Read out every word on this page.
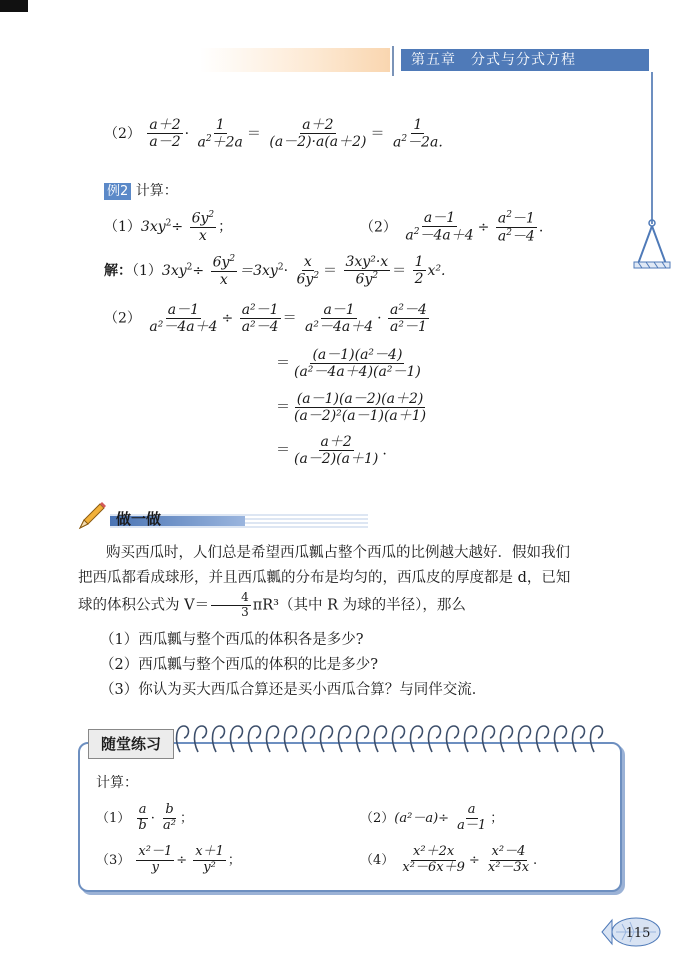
第五章　分式与分式方程
$(2) \frac{a+2}{a-2} \cdot \frac{1}{a^2+2a} = \frac{a+2}{(a-2)\cdot a(a+2)} = \frac{1}{a^2-2a.}$
例2 计算：
$(1)3xy^2\div \frac{6y^2}{x}$ ；	$(2) \frac{a-1}{a^2-4a+4} \div \frac{a^2-1}{a^2-4}$ .
解：$(1)3xy^2\div \frac{6y^2}{x} =3xy^2\cdot \frac{x}{6y^2} = \frac{\text{3xy²·x}}{6y^2} = \frac{1}{2} x^2$.
$(2) \frac{a-1}{\text{a²－4a＋4}} \div \frac{\text{a²－1}}{\text{a²－4}} = \frac{a-1}{\text{a²－4a＋4}} \cdot \frac{\text{a²－4}}{\text{a²－1}}$
＝ $\frac{\text{(a－1)(a²－4)}}{\text{(a²－4a＋4)(a²－1)}}$
＝ $\frac{(a-1)(a-2)(a+2)}{\text{(a－2)²(a－1)(a＋1)}}$
＝ $\frac{a+2}{(a-2)(a+1)}$ .
做一做
购买西瓜时，人们总是希望西瓜瓤占整个西瓜的比例越大越好．假如我们
把西瓜都看成球形，并且西瓜瓤的分布是均匀的，西瓜皮的厚度都是 d，已知
球的体积公式为 $V= \frac{4}{3} \pi R^3$（其中 R 为球的半径），那么
（1）西瓜瓤与整个西瓜的体积各是多少?
（2）西瓜瓤与整个西瓜的体积的比是多少?
（3）你认为买大西瓜合算还是买小西瓜合算？与同伴交流．
随堂练习
计算：
$(1) \frac{a}{b} \cdot \frac{b}{\text{a²}}$ ；	$(2)(a^2-a)\div \frac{a}{a-1}$ ；
$(3) \frac{\text{x²－1}}{y} \div \frac{x+1}{\text{y²}}$ ；	$(4) \frac{\text{x²＋2x}}{\text{x²－6x＋9}} \div \frac{\text{x²－4}}{\text{x²－3x}}$ .
115
